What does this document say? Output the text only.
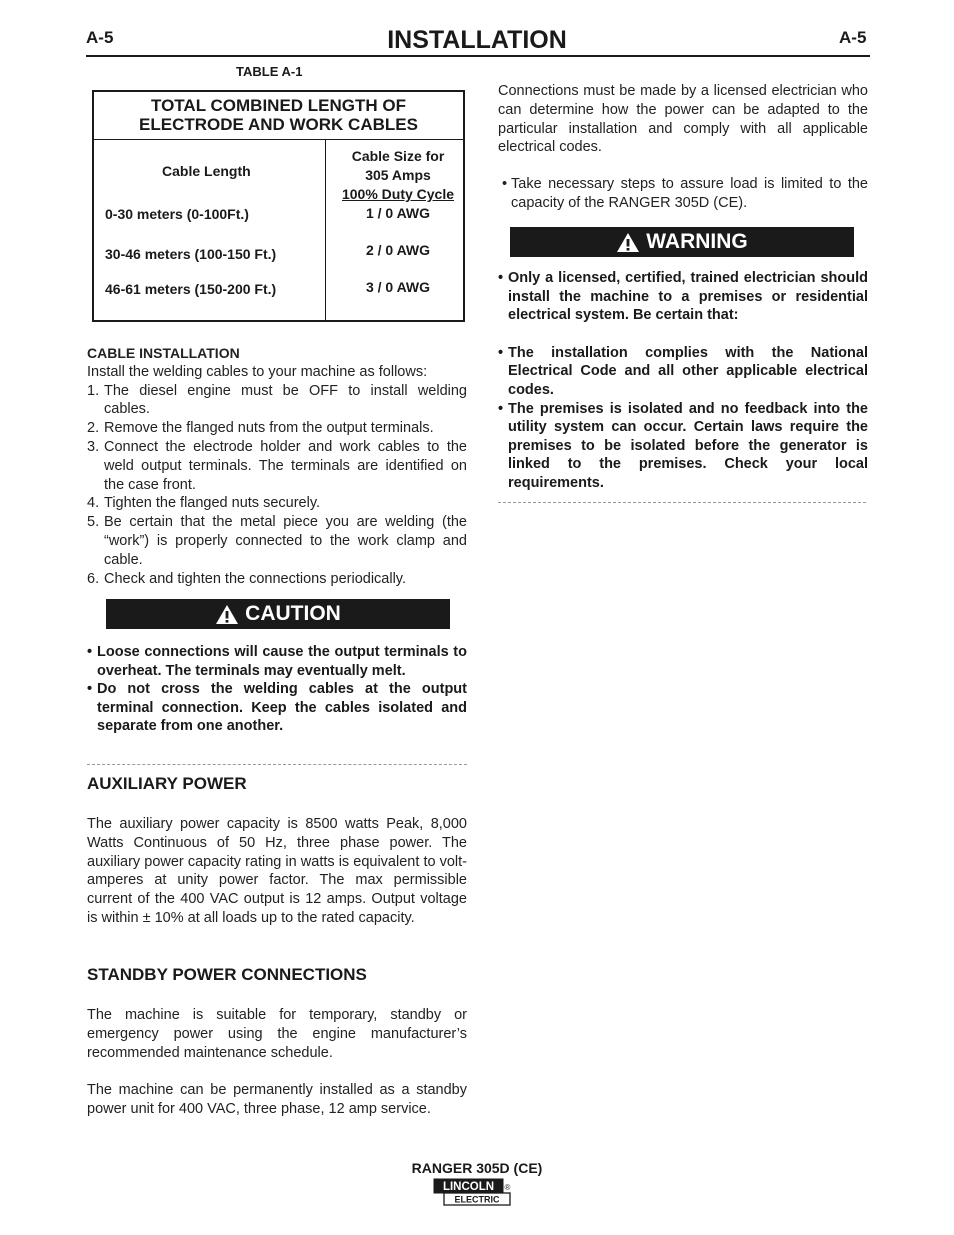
A-5	INSTALLATION	A-5
TABLE A-1
TOTAL COMBINED LENGTH OF
ELECTRODE AND WORK CABLES
Cable Length
Cable Size for
305 Amps
100% Duty Cycle
0-30 meters (0-100Ft.)	1 / 0 AWG
30-46 meters (100-150 Ft.)	2 / 0 AWG
46-61 meters (150-200 Ft.)	3 / 0 AWG
CABLE INSTALLATION
Install the welding cables to your machine as follows:
1. The diesel engine must be OFF to install welding cables.
2. Remove the flanged nuts from the output terminals.
3. Connect the electrode holder and work cables to the weld output terminals. The terminals are identified on the case front.
4. Tighten the flanged nuts securely.
5. Be certain that the metal piece you are welding (the “work”) is properly connected to the work clamp and cable.
6. Check and tighten the connections periodically.
CAUTION
• Loose connections will cause the output terminals to overheat. The terminals may eventually melt.
• Do not cross the welding cables at the output terminal connection. Keep the cables isolated and separate from one another.
AUXILIARY POWER
The auxiliary power capacity is 8500 watts Peak, 8,000 Watts Continuous of 50 Hz, three phase power. The auxiliary power capacity rating in watts is equivalent to volt-amperes at unity power factor. The max permissible current of the 400 VAC output is 12 amps. Output voltage is within ± 10% at all loads up to the rated capacity.
STANDBY POWER CONNECTIONS
The machine is suitable for temporary, standby or emergency power using the engine manufacturer’s recommended maintenance schedule.
The machine can be permanently installed as a standby power unit for 400 VAC, three phase, 12 amp service.
Connections must be made by a licensed electrician who can determine how the power can be adapted to the particular installation and comply with all applicable electrical codes.
• Take necessary steps to assure load is limited to the capacity of the RANGER 305D (CE).
WARNING
• Only a licensed, certified, trained electrician should install the machine to a premises or residential electrical system. Be certain that:
• The installation complies with the National Electrical Code and all other applicable electrical codes.
• The premises is isolated and no feedback into the utility system can occur. Certain laws require the premises to be isolated before the generator is linked to the premises. Check your local requirements.
RANGER 305D (CE)
LINCOLN
ELECTRIC
®
